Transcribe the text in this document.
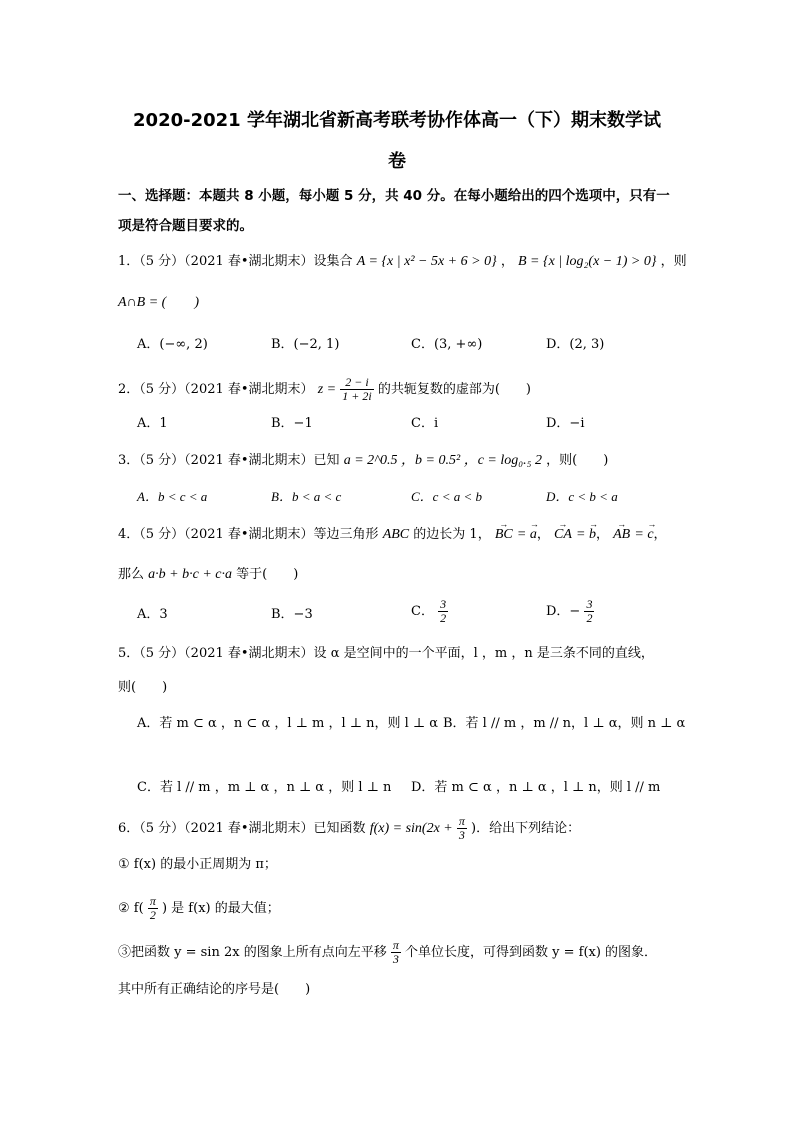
2020-2021 学年湖北省新高考联考协作体高一（下）期末数学试
卷
一、选择题：本题共 8 小题，每小题 5 分，共 40 分。在每小题给出的四个选项中，只有一
项是符合题目要求的。
1．（5 分）（2021 春•湖北期末）设集合 A = {x | x² − 5x + 6 > 0} ， B = {x | log₂(x − 1) > 0} ，则
A∩B = (　　)
A．(−∞, 2)	B．(−2, 1)	C．(3, +∞)	D．(2, 3)
2．（5 分）（2021 春•湖北期末） $z = \frac{2 - i}{1 + 2i}$ 的共轭复数的虚部为(　　)
A．1	B．−1	C．i	D．−i
3．（5 分）（2021 春•湖北期末）已知 a = 2^0.5 ，b = 0.5² ，c = log₀.₅ 2 ，则(　　)
A．b < c < a	B．b < a < c	C．c < a < b	D．c < b < a
4．（5 分）（2021 春•湖北期末）等边三角形 ABC 的边长为 1， → BC = → a， → CA = → b， → AB = → c，
那么 a·b + b·c + c·a 等于(　　)
A．3	B．−3	C． $\frac{3}{2}$	D．− $\frac{3}{2}$
5．（5 分）（2021 春•湖北期末）设 α 是空间中的一个平面，l ，m ，n 是三条不同的直线，
则(　　)
A．若 m ⊂ α ，n ⊂ α ，l ⊥ m ，l ⊥ n，则 l ⊥ α B．若 l // m ，m // n，l ⊥ α，则 n ⊥ α
C．若 l // m ，m ⊥ α ，n ⊥ α ，则 l ⊥ n D．若 m ⊂ α ，n ⊥ α ，l ⊥ n，则 l // m
6．（5 分）（2021 春•湖北期末）已知函数 $f(x) = \sin(2x + \frac{\pi}{3}$ )．给出下列结论：
① f(x) 的最小正周期为 π；
② $f( \frac{\pi}{2}$ ) 是 f(x) 的最大值；
③把函数 y = sin 2x 的图象上所有点向左平移 $\frac{\pi}{3}$ 个单位长度，可得到函数 y = f(x) 的图象．
其中所有正确结论的序号是(　　)
